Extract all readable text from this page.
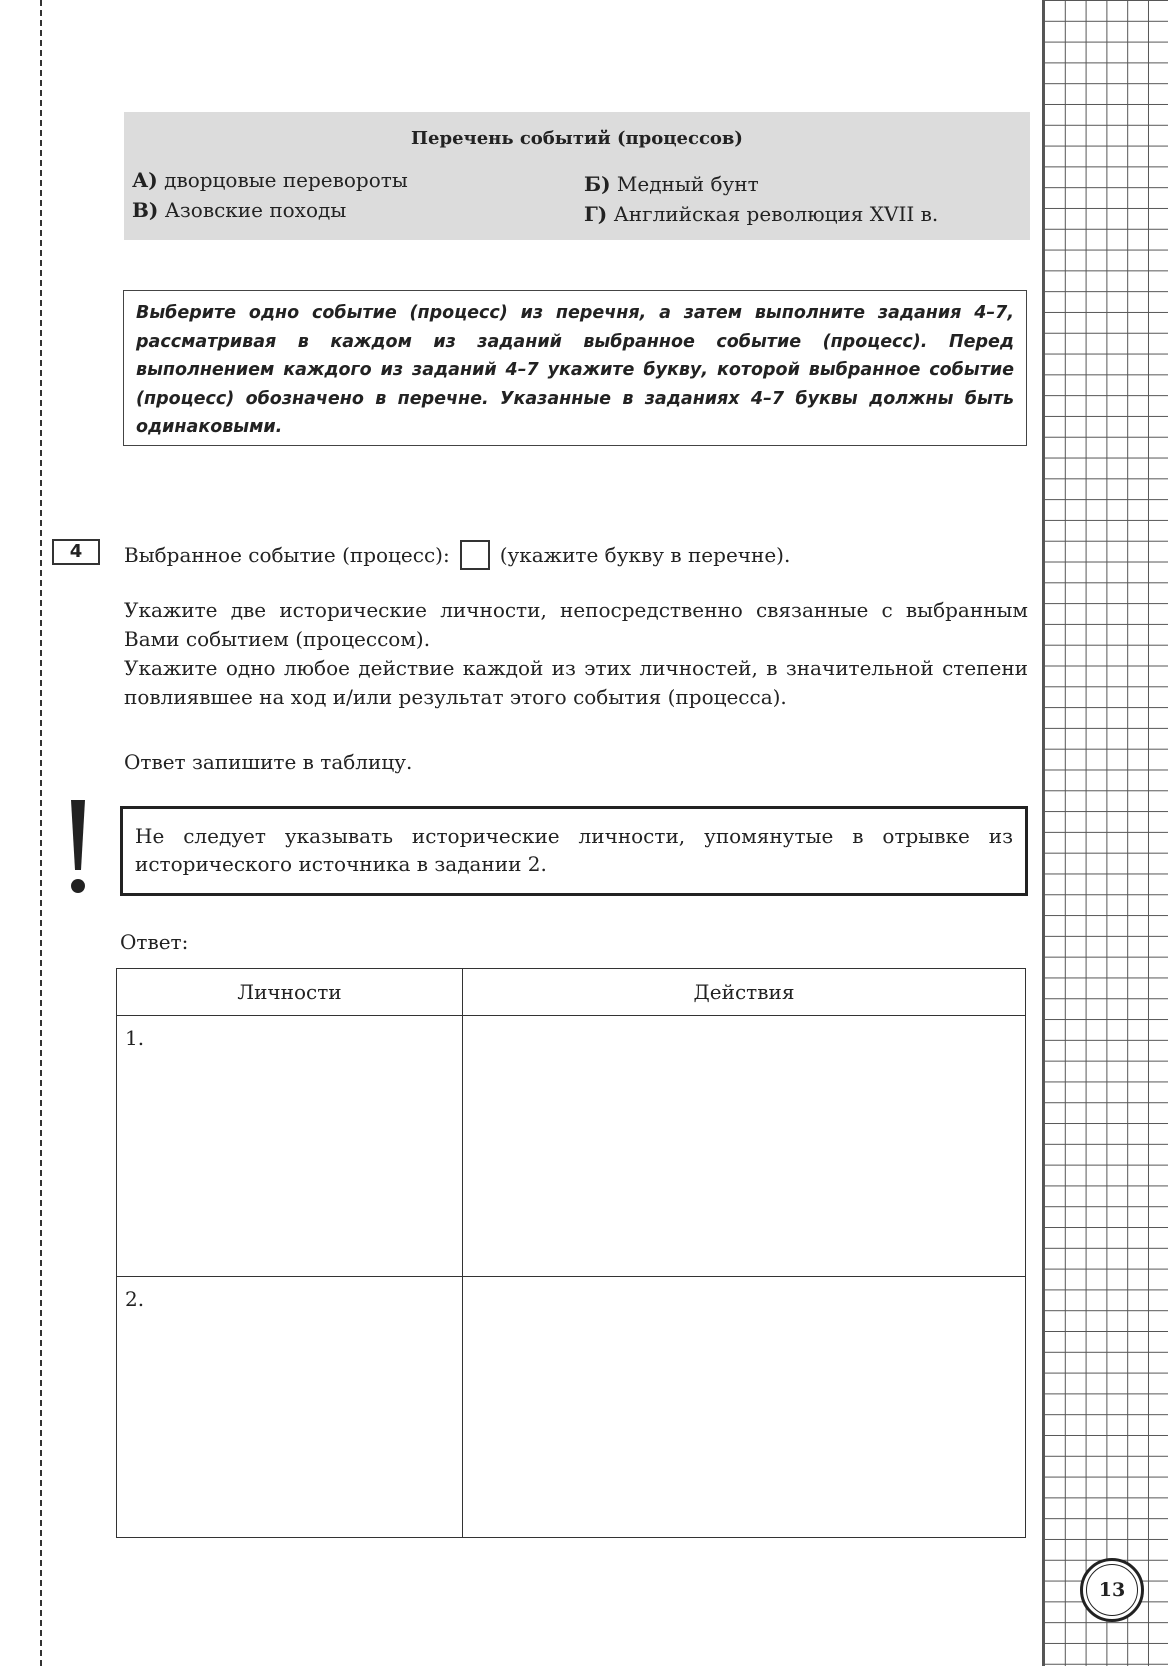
Перечень событий (процессов)
А) дворцовые перевороты	Б) Медный бунт
В) Азовские походы	Г) Английская революция XVII в.
Выберите одно событие (процесс) из перечня, а затем выполните задания 4–7, рассматривая в каждом из заданий выбранное событие (процесс). Перед выполнением каждого из заданий 4–7 укажите букву, которой выбранное событие (процесс) обозначено в перечне. Указанные в заданиях 4–7 буквы должны быть одинаковыми.
4	Выбранное событие (процесс):	(укажите букву в перечне).
Укажите две исторические личности, непосредственно связанные с выбранным Вами событием (процессом).
Укажите одно любое действие каждой из этих личностей, в значительной степени повлиявшее на ход и/или результат этого события (процесса).
Ответ запишите в таблицу.
Не следует указывать исторические личности, упомянутые в отрывке из исторического источника в задании 2.
Ответ:
Личности	Действия
1.	
2.	
13
